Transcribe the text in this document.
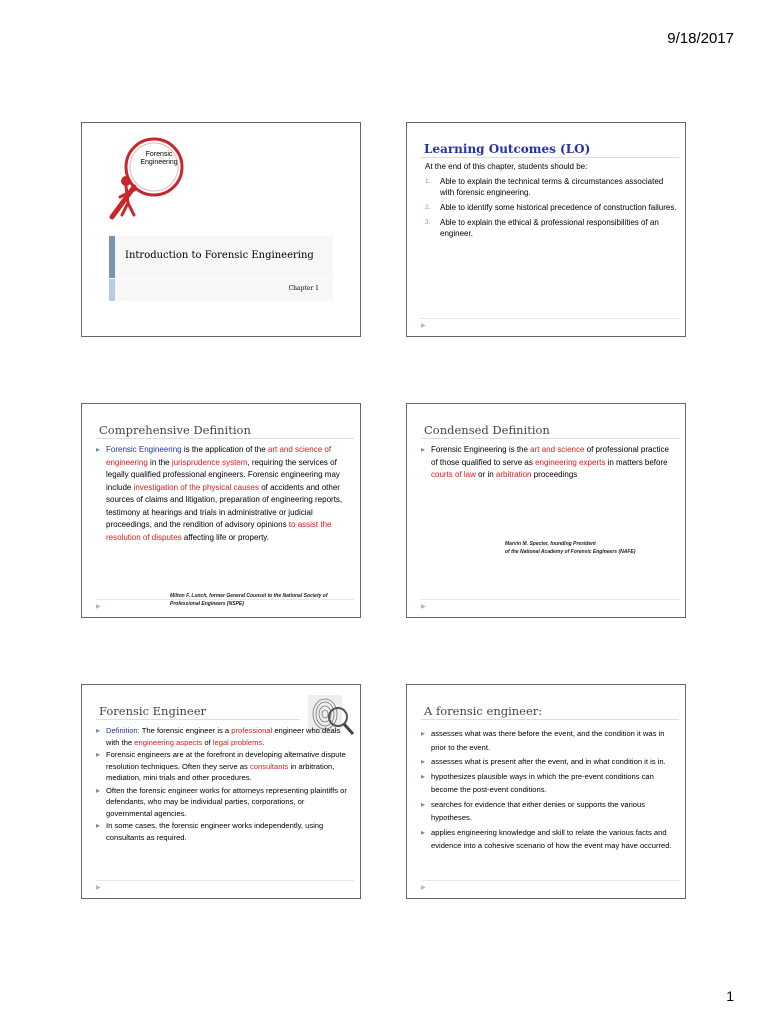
9/18/2017
Forensic Engineering
Introduction to Forensic Engineering
Chapter 1
Learning Outcomes (LO)
At the end of this chapter, students should be:
1. Able to explain the technical terms & circumstances associated with forensic engineering.
2. Able to identify some historical precedence of construction failures.
3. Able to explain the ethical & professional responsibilities of an engineer.
▶
Comprehensive Definition
▸ Forensic Engineering is the application of the art and science of engineering in the jurisprudence system, requiring the services of legally qualified professional engineers. Forensic engineering may include investigation of the physical causes of accidents and other sources of claims and litigation, preparation of engineering reports, testimony at hearings and trials in administrative or judicial proceedings, and the rendition of advisory opinions to assist the resolution of disputes affecting life or property.
Milton F. Lunch, former General Counsel to the National Society of
Professional Engineers (NSPE)
▶
Condensed Definition
▸ Forensic Engineering is the art and science of professional practice of those qualified to serve as engineering experts in matters before courts of law or in arbitration proceedings
Marvin M. Specter, founding President
of the National Academy of Forensic Engineers (NAFE)
▶
Forensic Engineer
▸ Definition: The forensic engineer is a professional engineer who deals with the engineering aspects of legal problems.
▸ Forensic engineers are at the forefront in developing alternative dispute resolution techniques. Often they serve as consultants in arbitration, mediation, mini trials and other procedures.
▸ Often the forensic engineer works for attorneys representing plaintiffs or defendants, who may be individual parties, corporations, or governmental agencies.
▸ In some cases, the forensic engineer works independently, using consultants as required.
▶
A forensic engineer:
▸ assesses what was there before the event, and the condition it was in prior to the event.
▸ assesses what is present after the event, and in what condition it is in.
▸ hypothesizes plausible ways in which the pre-event conditions can become the post-event conditions.
▸ searches for evidence that either denies or supports the various hypotheses.
▸ applies engineering knowledge and skill to relate the various facts and evidence into a cohesive scenario of how the event may have occurred.
▶
1
